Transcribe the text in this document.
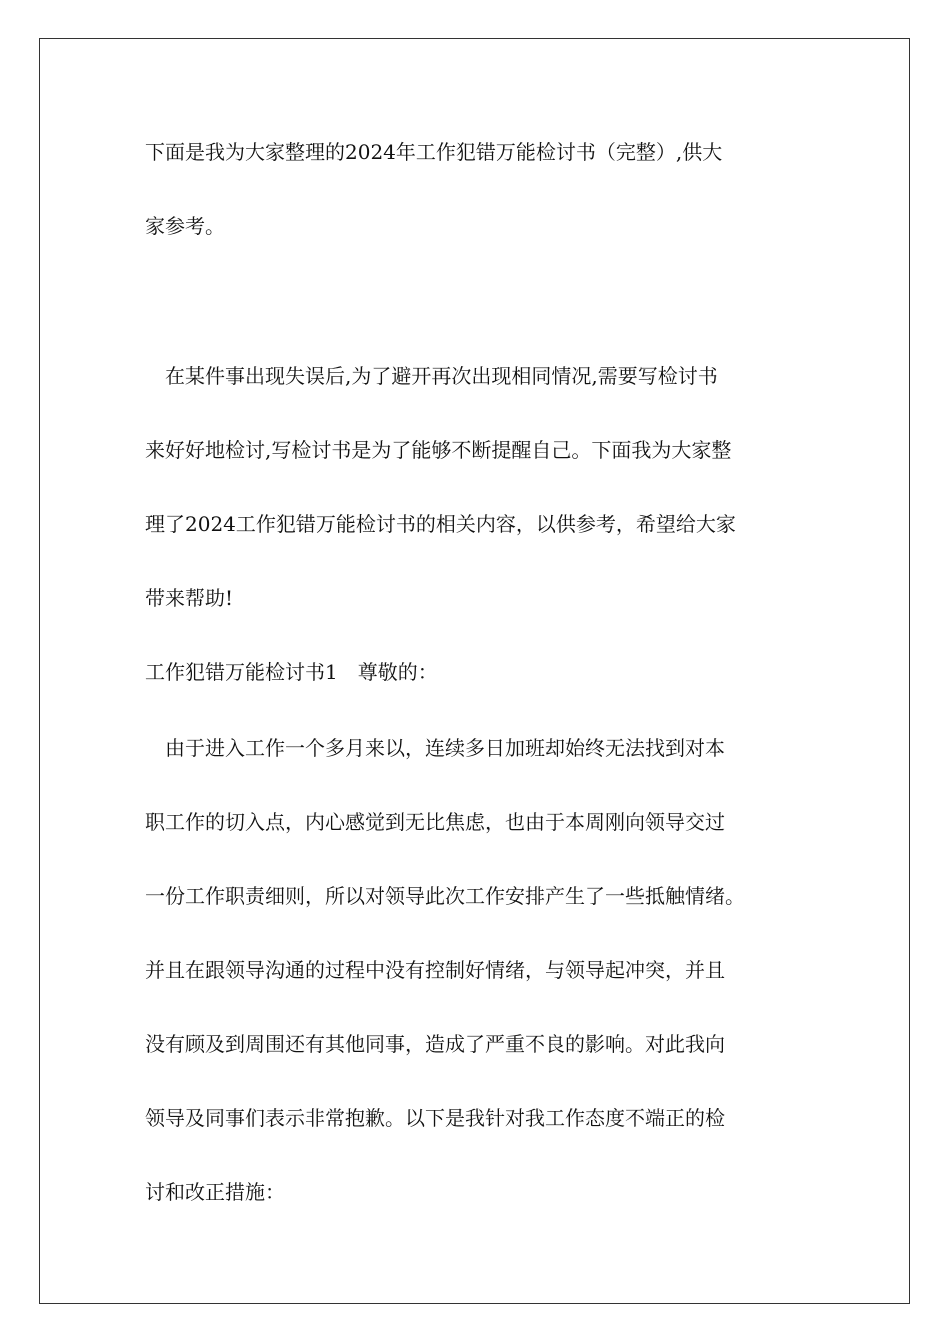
下面是我为大家整理的2024年工作犯错万能检讨书（完整）,供大
家参考。
在某件事出现失误后,为了避开再次出现相同情况,需要写检讨书
来好好地检讨,写检讨书是为了能够不断提醒自己。下面我为大家整
理了2024工作犯错万能检讨书的相关内容，以供参考，希望给大家
带来帮助!
工作犯错万能检讨书1　尊敬的：
由于进入工作一个多月来以，连续多日加班却始终无法找到对本
职工作的切入点，内心感觉到无比焦虑，也由于本周刚向领导交过
一份工作职责细则，所以对领导此次工作安排产生了一些抵触情绪。
并且在跟领导沟通的过程中没有控制好情绪，与领导起冲突，并且
没有顾及到周围还有其他同事，造成了严重不良的影响。对此我向
领导及同事们表示非常抱歉。以下是我针对我工作态度不端正的检
讨和改正措施：
